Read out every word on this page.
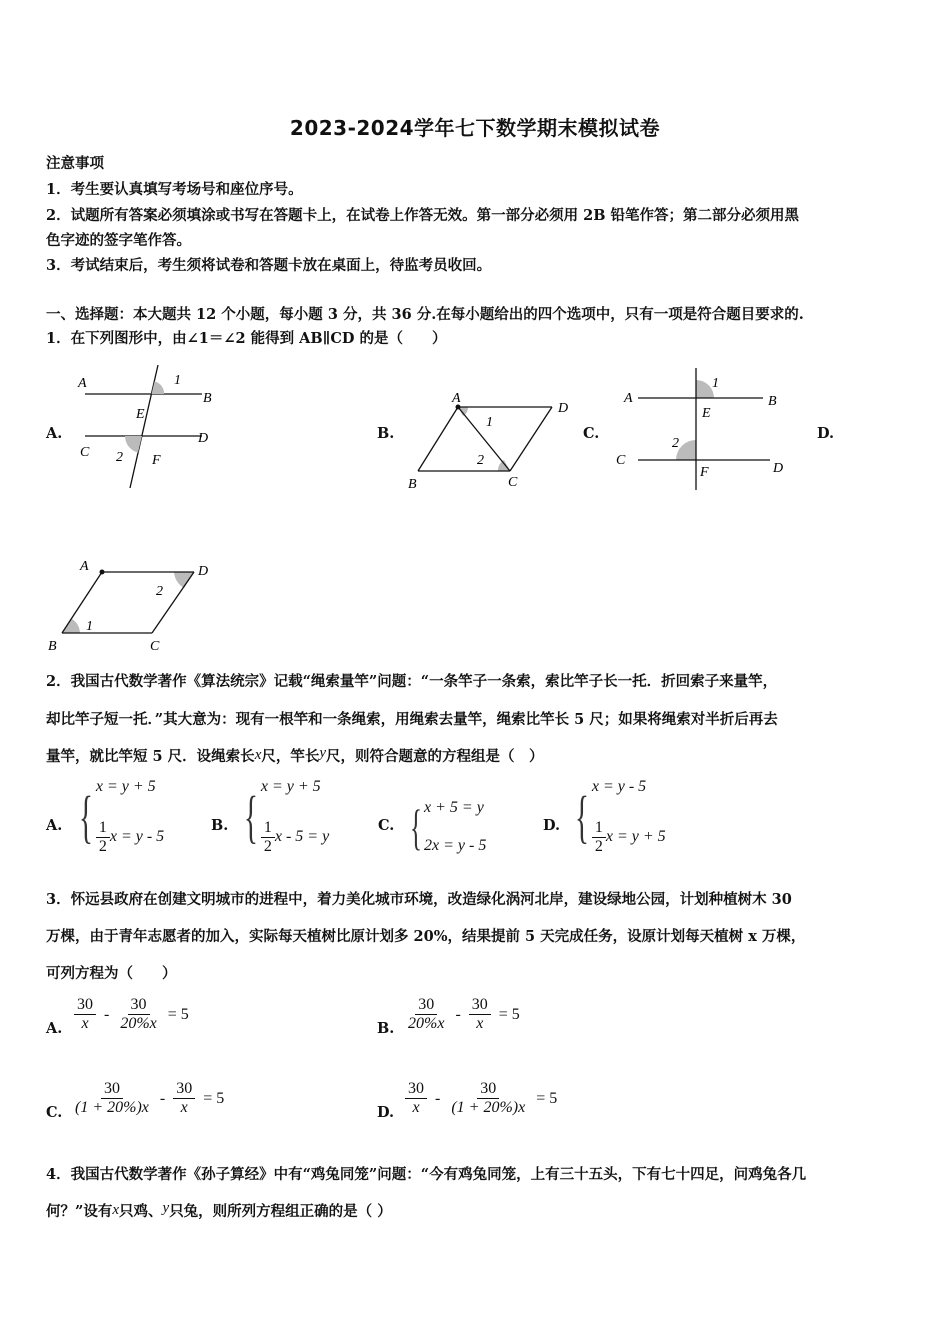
2023-2024学年七下数学期末模拟试卷
注意事项
1．考生要认真填写考场号和座位序号。
2．试题所有答案必须填涂或书写在答题卡上，在试卷上作答无效。第一部分必须用 2B 铅笔作答；第二部分必须用黑
色字迹的签字笔作答。
3．考试结束后，考生须将试卷和答题卡放在桌面上，待监考员收回。
一、选择题：本大题共 12 个小题，每小题 3 分，共 36 分.在每小题给出的四个选项中，只有一项是符合题目要求的.
1．在下列图形中，由∠1＝∠2 能得到 AB∥CD 的是（　　）
A.	B.	C.	D.
A
B
C
D
E
F
1
2
A
B	C
D
1
2
A	B
C
D
E
F
1
2
A
B	C
D
1
2
2．我国古代数学著作《算法统宗》记载“绳索量竿”问题：“一条竿子一条索，索比竿子长一托．折回索子来量竿，
却比竿子短一托．”其大意为：现有一根竿和一条绳索，用绳索去量竿，绳索比竿长 5 尺；如果将绳索对半折后再去
量竿，就比竿短 5 尺．设绳索长x尺，竿长y尺，则符合题意的方程组是（　）
A. { x = y + 5
$\frac{1}{2}$ x = y - 5
B. { x = y + 5
$\frac{1}{2}$ x - 5 = y
C. { x + 5 = y
2x = y - 5
D. { x = y - 5
$\frac{1}{2}$ x = y + 5
3．怀远县政府在创建文明城市的进程中，着力美化城市环境，改造绿化涡河北岸，建设绿地公园，计划种植树木 30
万棵，由于青年志愿者的加入，实际每天植树比原计划多 20%，结果提前 5 天完成任务，设原计划每天植树 x 万棵，
可列方程为（　　）
A. $\frac{30}{x} - \frac{30}{20\%x} = 5$
B. $\frac{30}{20\%x} - \frac{30}{x} = 5$
C. $\frac{30}{(1 + 20\%)x} - \frac{30}{x} = 5$
D. $\frac{30}{x} - \frac{30}{(1 + 20\%)x} = 5$
4．我国古代数学著作《孙子算经》中有“鸡兔同笼”问题：“今有鸡兔同笼，上有三十五头，下有七十四足，问鸡兔各几
何？”设有x只鸡、y只兔，则所列方程组正确的是（ ）
